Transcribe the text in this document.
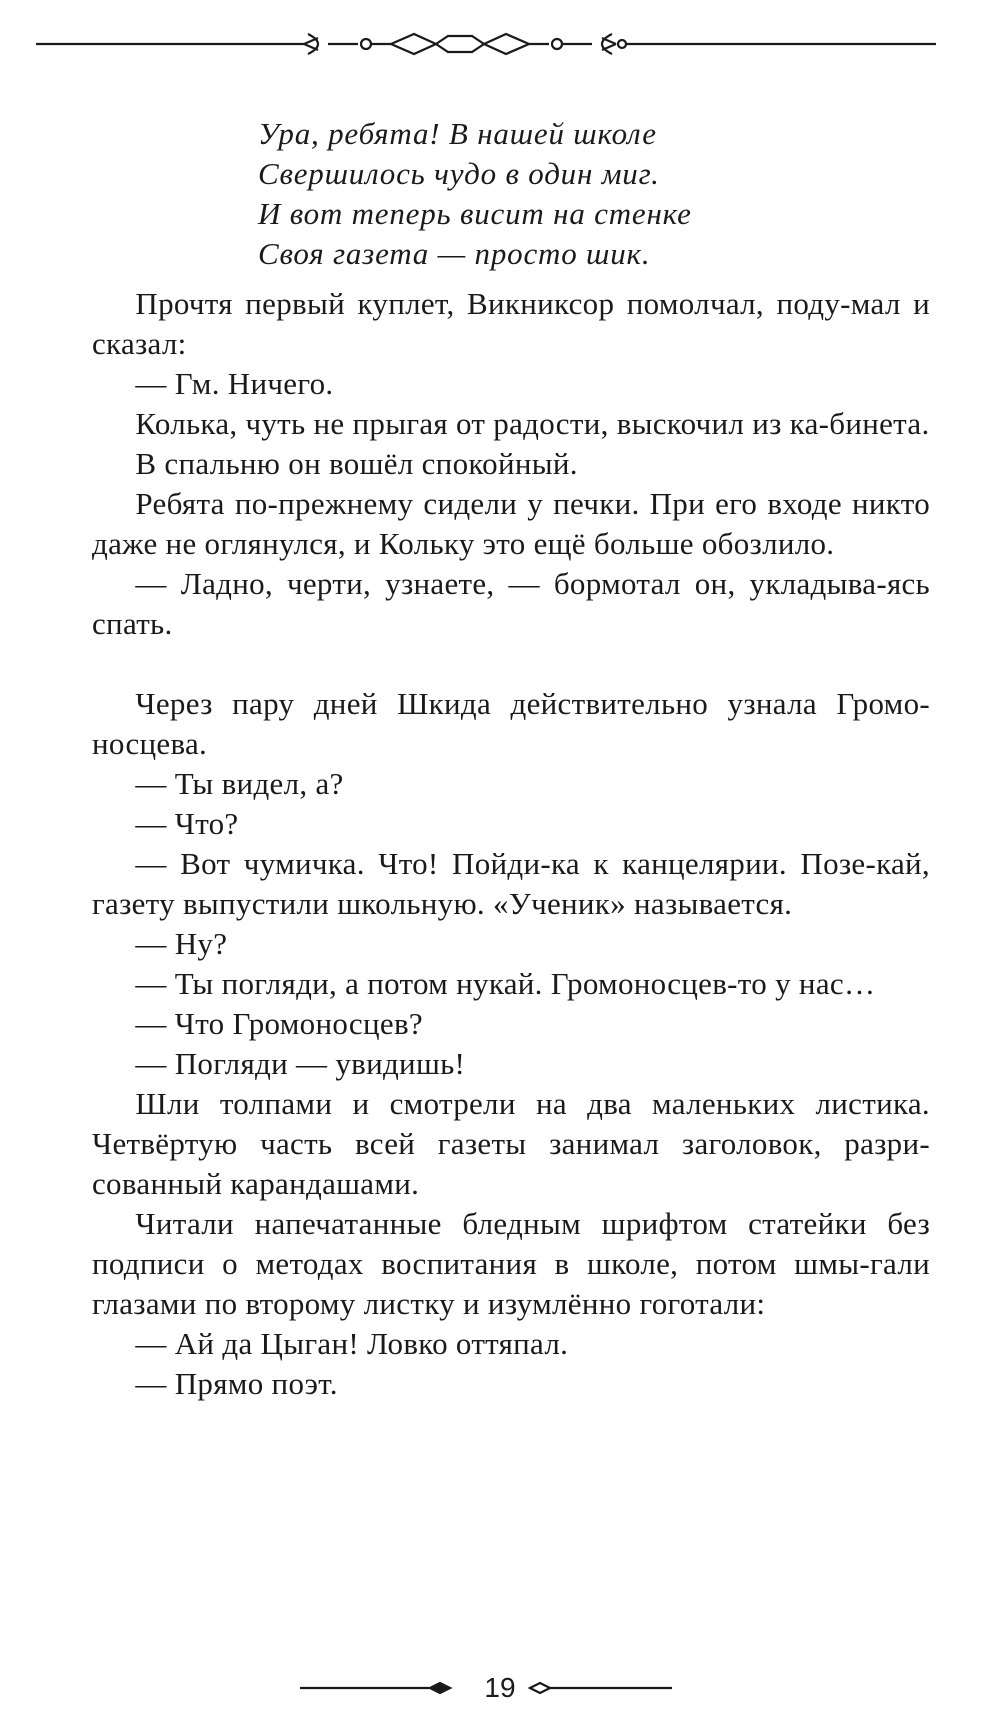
Ура, ребята! В нашей школе
Свершилось чудо в один миг.
И вот теперь висит на стенке
Своя газета — просто шик.

Прочтя первый куплет, Викниксор помолчал, поду-мал и сказал:

— Гм. Ничего.

Колька, чуть не прыгая от радости, выскочил из ка-бинета.

В спальню он вошёл спокойный.

Ребята по-прежнему сидели у печки. При его входе никто даже не оглянулся, и Кольку это ещё больше обозлило.

— Ладно, черти, узнаете, — бормотал он, укладыва-ясь спать.

Через пару дней Шкида действительно узнала Громо-носцева.

— Ты видел, а?

— Что?

— Вот чумичка. Что! Пойди-ка к канцелярии. Позе-кай, газету выпустили школьную. «Ученик» называется.

— Ну?

— Ты погляди, а потом нукай. Громоносцев-то у нас…

— Что Громоносцев?

— Погляди — увидишь!

Шли толпами и смотрели на два маленьких листика. Четвёртую часть всей газеты занимал заголовок, разри-сованный карандашами.

Читали напечатанные бледным шрифтом статейки без подписи о методах воспитания в школе, потом шмы-гали глазами по второму листку и изумлённо гоготали:

— Ай да Цыган! Ловко оттяпал.

— Прямо поэт.

19
